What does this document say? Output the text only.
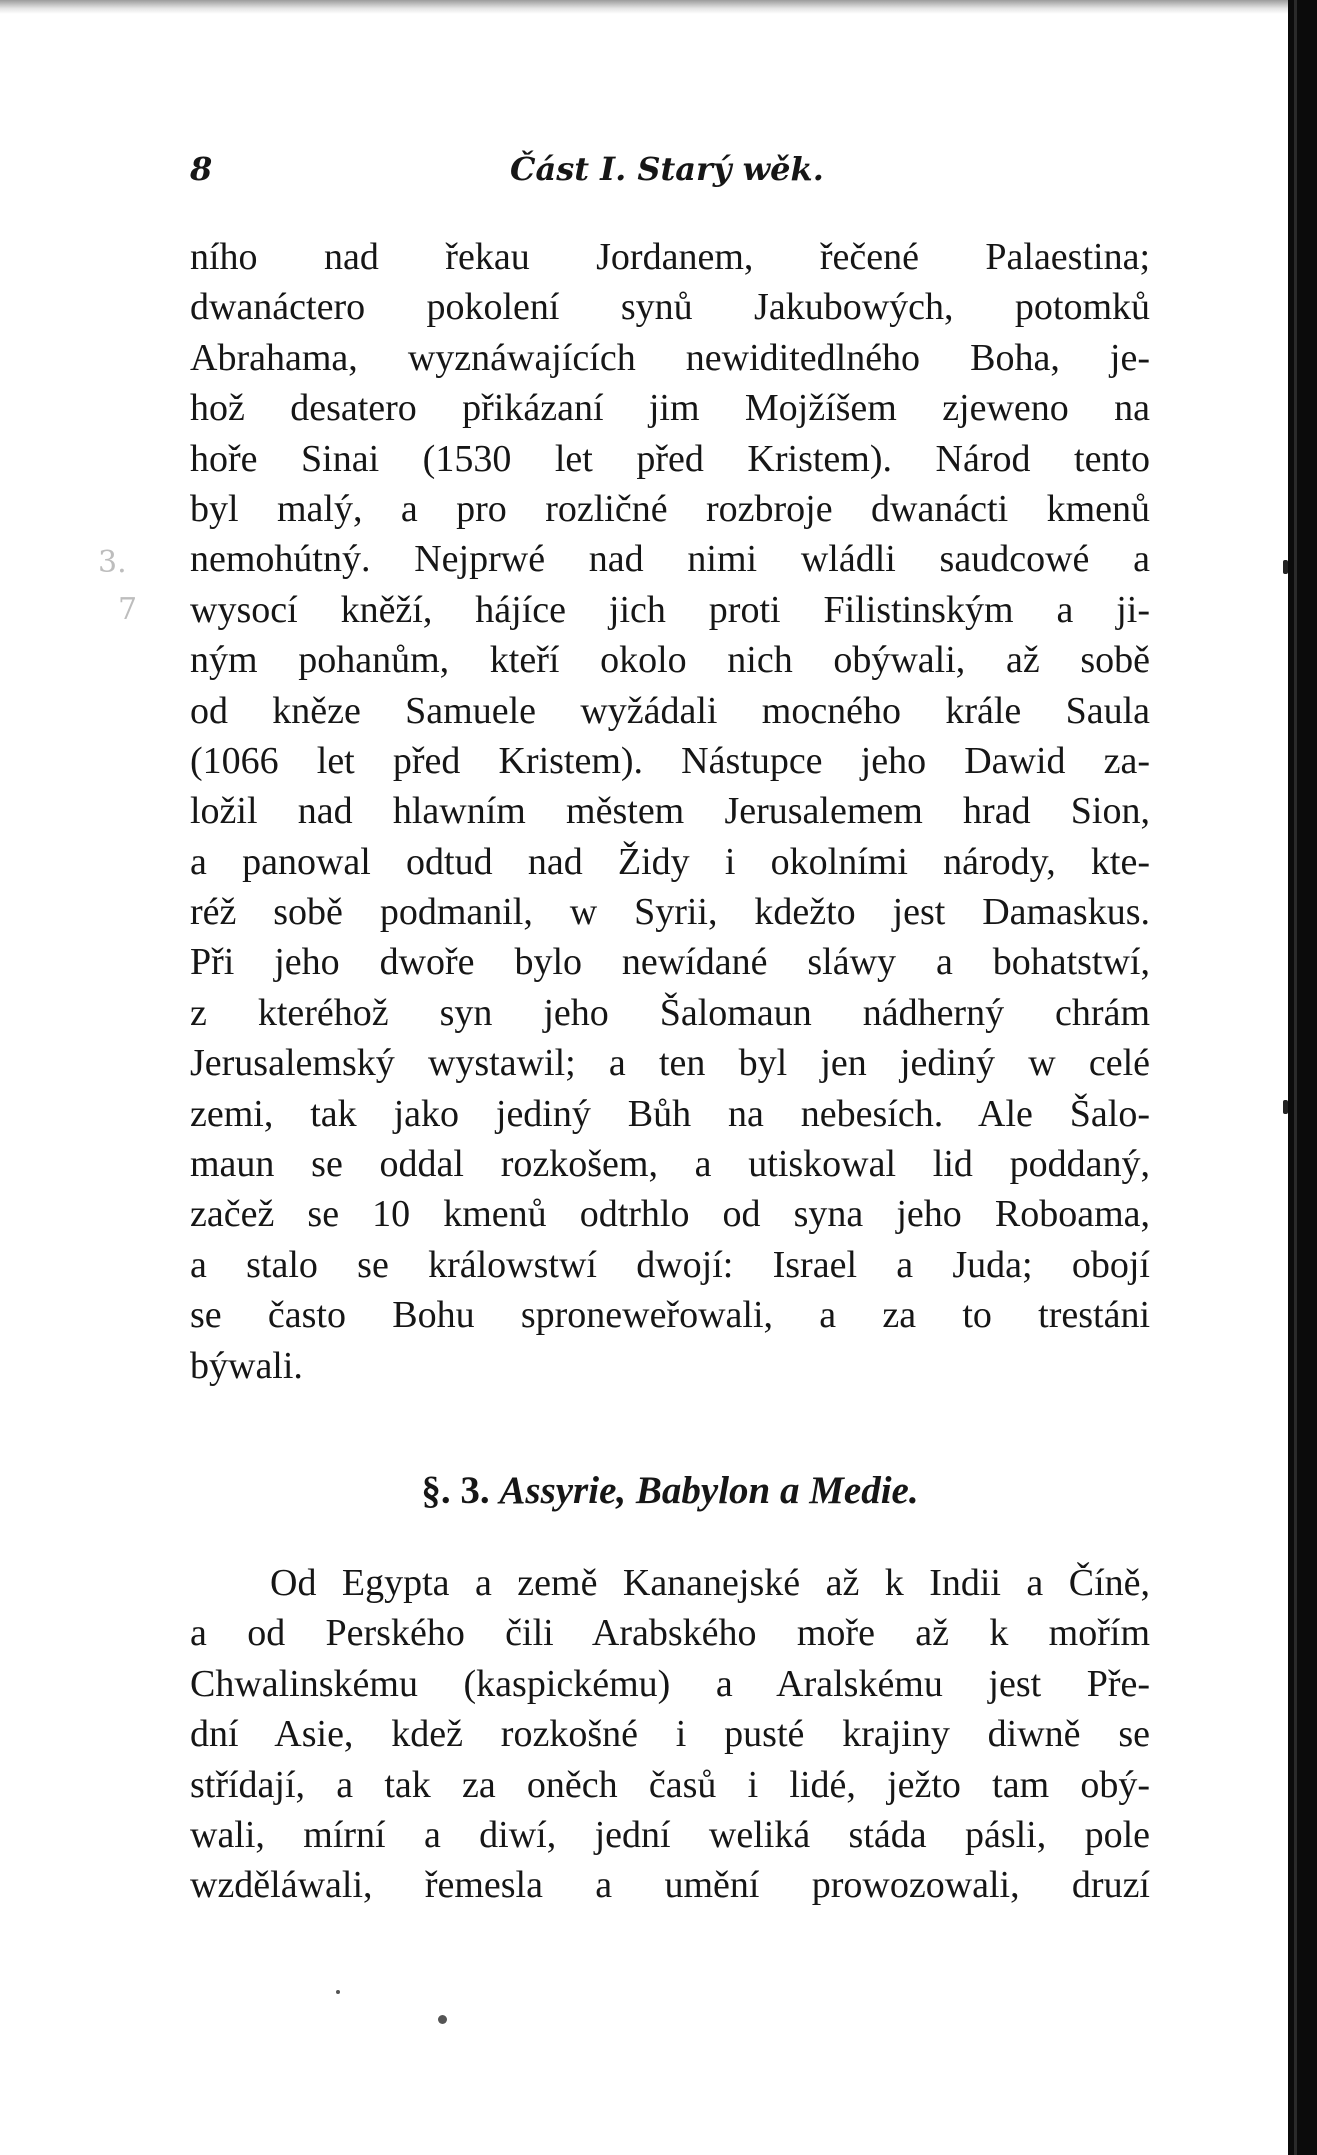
8	Část I. Starý wěk.
3.
7
ního nad řekau Jordanem, řečené Palaestina;
dwanáctero pokolení synů Jakubowých, potomků
Abrahama, wyznáwajících newiditedlného Boha, je-
hož desatero přikázaní jim Mojžíšem zjeweno na
hoře Sinai (1530 let před Kristem). Národ tento
byl malý, a pro rozličné rozbroje dwanácti kmenů
nemohútný. Nejprwé nad nimi wládli saudcowé a
wysocí kněží, hájíce jich proti Filistinským a ji-
ným pohanům, kteří okolo nich obýwali, až sobě
od kněze Samuele wyžádali mocného krále Saula
(1066 let před Kristem). Nástupce jeho Dawid za-
ložil nad hlawním městem Jerusalemem hrad Sion,
a panowal odtud nad Židy i okolními národy, kte-
réž sobě podmanil, w Syrii, kdežto jest Damaskus.
Při jeho dwoře bylo newídané sláwy a bohatstwí,
z kteréhož syn jeho Šalomaun nádherný chrám
Jerusalemský wystawil; a ten byl jen jediný w celé
zemi, tak jako jediný Bůh na nebesích. Ale Šalo-
maun se oddal rozkošem, a utiskowal lid poddaný,
začež se 10 kmenů odtrhlo od syna jeho Roboama,
a stalo se králowstwí dwojí: Israel a Juda; obojí
se často Bohu sproneweřowali, a za to trestáni
býwali.
§. 3. Assyrie, Babylon a Medie.
Od Egypta a země Kananejské až k Indii a Číně,
a od Perského čili Arabského moře až k mořím
Chwalinskému (kaspickému) a Aralskému jest Pře-
dní Asie, kdež rozkošné i pusté krajiny diwně se
střídají, a tak za oněch časů i lidé, ježto tam obý-
wali, mírní a diwí, jední weliká stáda pásli, pole
wzděláwali, řemesla a umění prowozowali, druzí
